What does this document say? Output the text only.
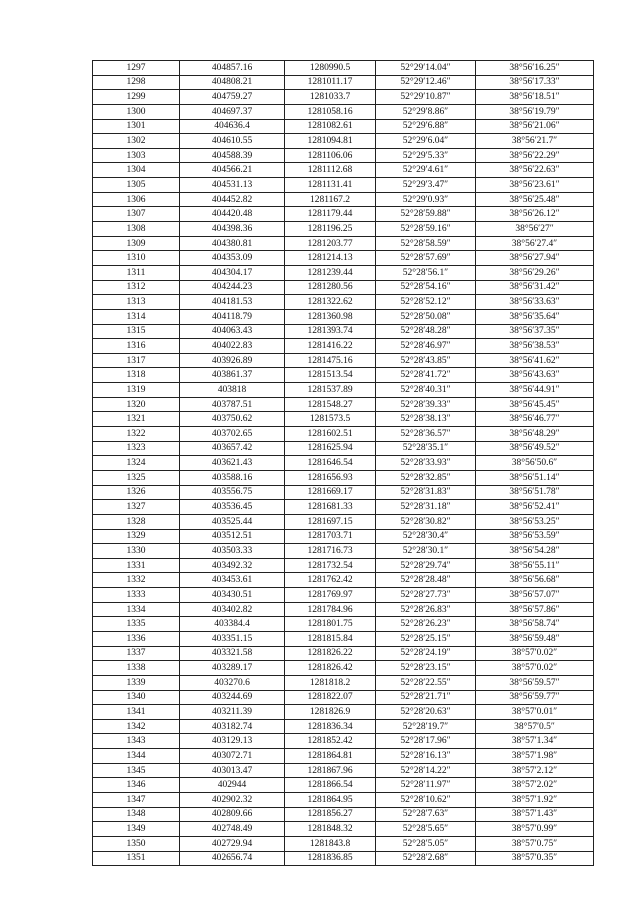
1297	404857.16	1280990.5	52°29′14.04″	38°56′16.25″
1298	404808.21	1281011.17	52°29′12.46″	38°56′17.33″
1299	404759.27	1281033.7	52°29′10.87″	38°56′18.51″
1300	404697.37	1281058.16	52°29′8.86″	38°56′19.79″
1301	404636.4	1281082.61	52°29′6.88″	38°56′21.06″
1302	404610.55	1281094.81	52°29′6.04″	38°56′21.7″
1303	404588.39	1281106.06	52°29′5.33″	38°56′22.29″
1304	404566.21	1281112.68	52°29′4.61″	38°56′22.63″
1305	404531.13	1281131.41	52°29′3.47″	38°56′23.61″
1306	404452.82	1281167.2	52°29′0.93″	38°56′25.48″
1307	404420.48	1281179.44	52°28′59.88″	38°56′26.12″
1308	404398.36	1281196.25	52°28′59.16″	38°56′27″
1309	404380.81	1281203.77	52°28′58.59″	38°56′27.4″
1310	404353.09	1281214.13	52°28′57.69″	38°56′27.94″
1311	404304.17	1281239.44	52°28′56.1″	38°56′29.26″
1312	404244.23	1281280.56	52°28′54.16″	38°56′31.42″
1313	404181.53	1281322.62	52°28′52.12″	38°56′33.63″
1314	404118.79	1281360.98	52°28′50.08″	38°56′35.64″
1315	404063.43	1281393.74	52°28′48.28″	38°56′37.35″
1316	404022.83	1281416.22	52°28′46.97″	38°56′38.53″
1317	403926.89	1281475.16	52°28′43.85″	38°56′41.62″
1318	403861.37	1281513.54	52°28′41.72″	38°56′43.63″
1319	403818	1281537.89	52°28′40.31″	38°56′44.91″
1320	403787.51	1281548.27	52°28′39.33″	38°56′45.45″
1321	403750.62	1281573.5	52°28′38.13″	38°56′46.77″
1322	403702.65	1281602.51	52°28′36.57″	38°56′48.29″
1323	403657.42	1281625.94	52°28′35.1″	38°56′49.52″
1324	403621.43	1281646.54	52°28′33.93″	38°56′50.6″
1325	403588.16	1281656.93	52°28′32.85″	38°56′51.14″
1326	403556.75	1281669.17	52°28′31.83″	38°56′51.78″
1327	403536.45	1281681.33	52°28′31.18″	38°56′52.41″
1328	403525.44	1281697.15	52°28′30.82″	38°56′53.25″
1329	403512.51	1281703.71	52°28′30.4″	38°56′53.59″
1330	403503.33	1281716.73	52°28′30.1″	38°56′54.28″
1331	403492.32	1281732.54	52°28′29.74″	38°56′55.11″
1332	403453.61	1281762.42	52°28′28.48″	38°56′56.68″
1333	403430.51	1281769.97	52°28′27.73″	38°56′57.07″
1334	403402.82	1281784.96	52°28′26.83″	38°56′57.86″
1335	403384.4	1281801.75	52°28′26.23″	38°56′58.74″
1336	403351.15	1281815.84	52°28′25.15″	38°56′59.48″
1337	403321.58	1281826.22	52°28′24.19″	38°57′0.02″
1338	403289.17	1281826.42	52°28′23.15″	38°57′0.02″
1339	403270.6	1281818.2	52°28′22.55″	38°56′59.57″
1340	403244.69	1281822.07	52°28′21.71″	38°56′59.77″
1341	403211.39	1281826.9	52°28′20.63″	38°57′0.01″
1342	403182.74	1281836.34	52°28′19.7″	38°57′0.5″
1343	403129.13	1281852.42	52°28′17.96″	38°57′1.34″
1344	403072.71	1281864.81	52°28′16.13″	38°57′1.98″
1345	403013.47	1281867.96	52°28′14.22″	38°57′2.12″
1346	402944	1281866.54	52°28′11.97″	38°57′2.02″
1347	402902.32	1281864.95	52°28′10.62″	38°57′1.92″
1348	402809.66	1281856.27	52°28′7.63″	38°57′1.43″
1349	402748.49	1281848.32	52°28′5.65″	38°57′0.99″
1350	402729.94	1281843.8	52°28′5.05″	38°57′0.75″
1351	402656.74	1281836.85	52°28′2.68″	38°57′0.35″
